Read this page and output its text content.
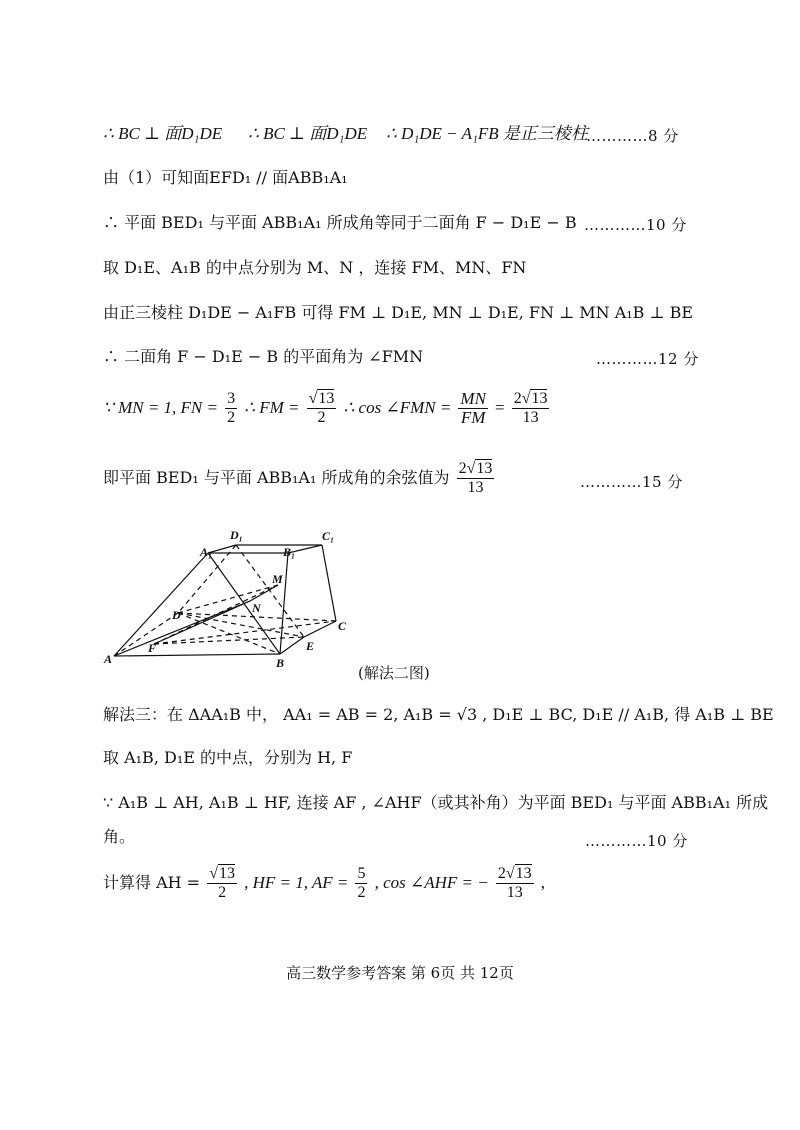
∴ BC ⊥ 面D₁DE ∴ BC ⊥ 面D₁DE ∴ D₁DE − A₁FB 是正三棱柱
…………8 分
由（1）可知面EFD₁ // 面ABB₁A₁
∴ 平面 BED₁ 与平面 ABB₁A₁ 所成角等同于二面角 F − D₁E − B …………10 分
取 D₁E、A₁B 的中点分别为 M、N ，连接 FM、MN、FN
由正三棱柱 D₁DE − A₁FB 可得 FM ⊥ D₁E, MN ⊥ D₁E, FN ⊥ MN A₁B ⊥ BE
∴ 二面角 F − D₁E − B 的平面角为 ∠FMN	…………12 分
∵ MN = 1, FN = $\frac{3}{2}$ ∴ FM = $\frac{√13}{2}$ ∴ cos ∠FMN = $\frac{MN}{FM} = \frac{2√13}{13}$
即平面 BED₁ 与平面 ABB₁A₁ 所成角的余弦值为 $\frac{2√13}{13}$	…………15 分
D₁	C₁
A₁	B₁
M
N
D
C
F	E
A	B
(解法二图)
解法三：在 ΔAA₁B 中， AA₁ = AB = 2, A₁B = √3 , D₁E ⊥ BC, D₁E // A₁B, 得 A₁B ⊥ BE
取 A₁B, D₁E 的中点，分别为 H, F
∵ A₁B ⊥ AH, A₁B ⊥ HF, 连接 AF , ∠AHF（或其补角）为平面 BED₁ 与平面 ABB₁A₁ 所成
角。	…………10 分
计算得 AH = $\frac{√13}{2}$ , HF = 1, AF = $\frac{5}{2}$ , cos ∠AHF = − $\frac{2√13}{13}$ ,
高三数学参考答案 第 6页 共 12页
